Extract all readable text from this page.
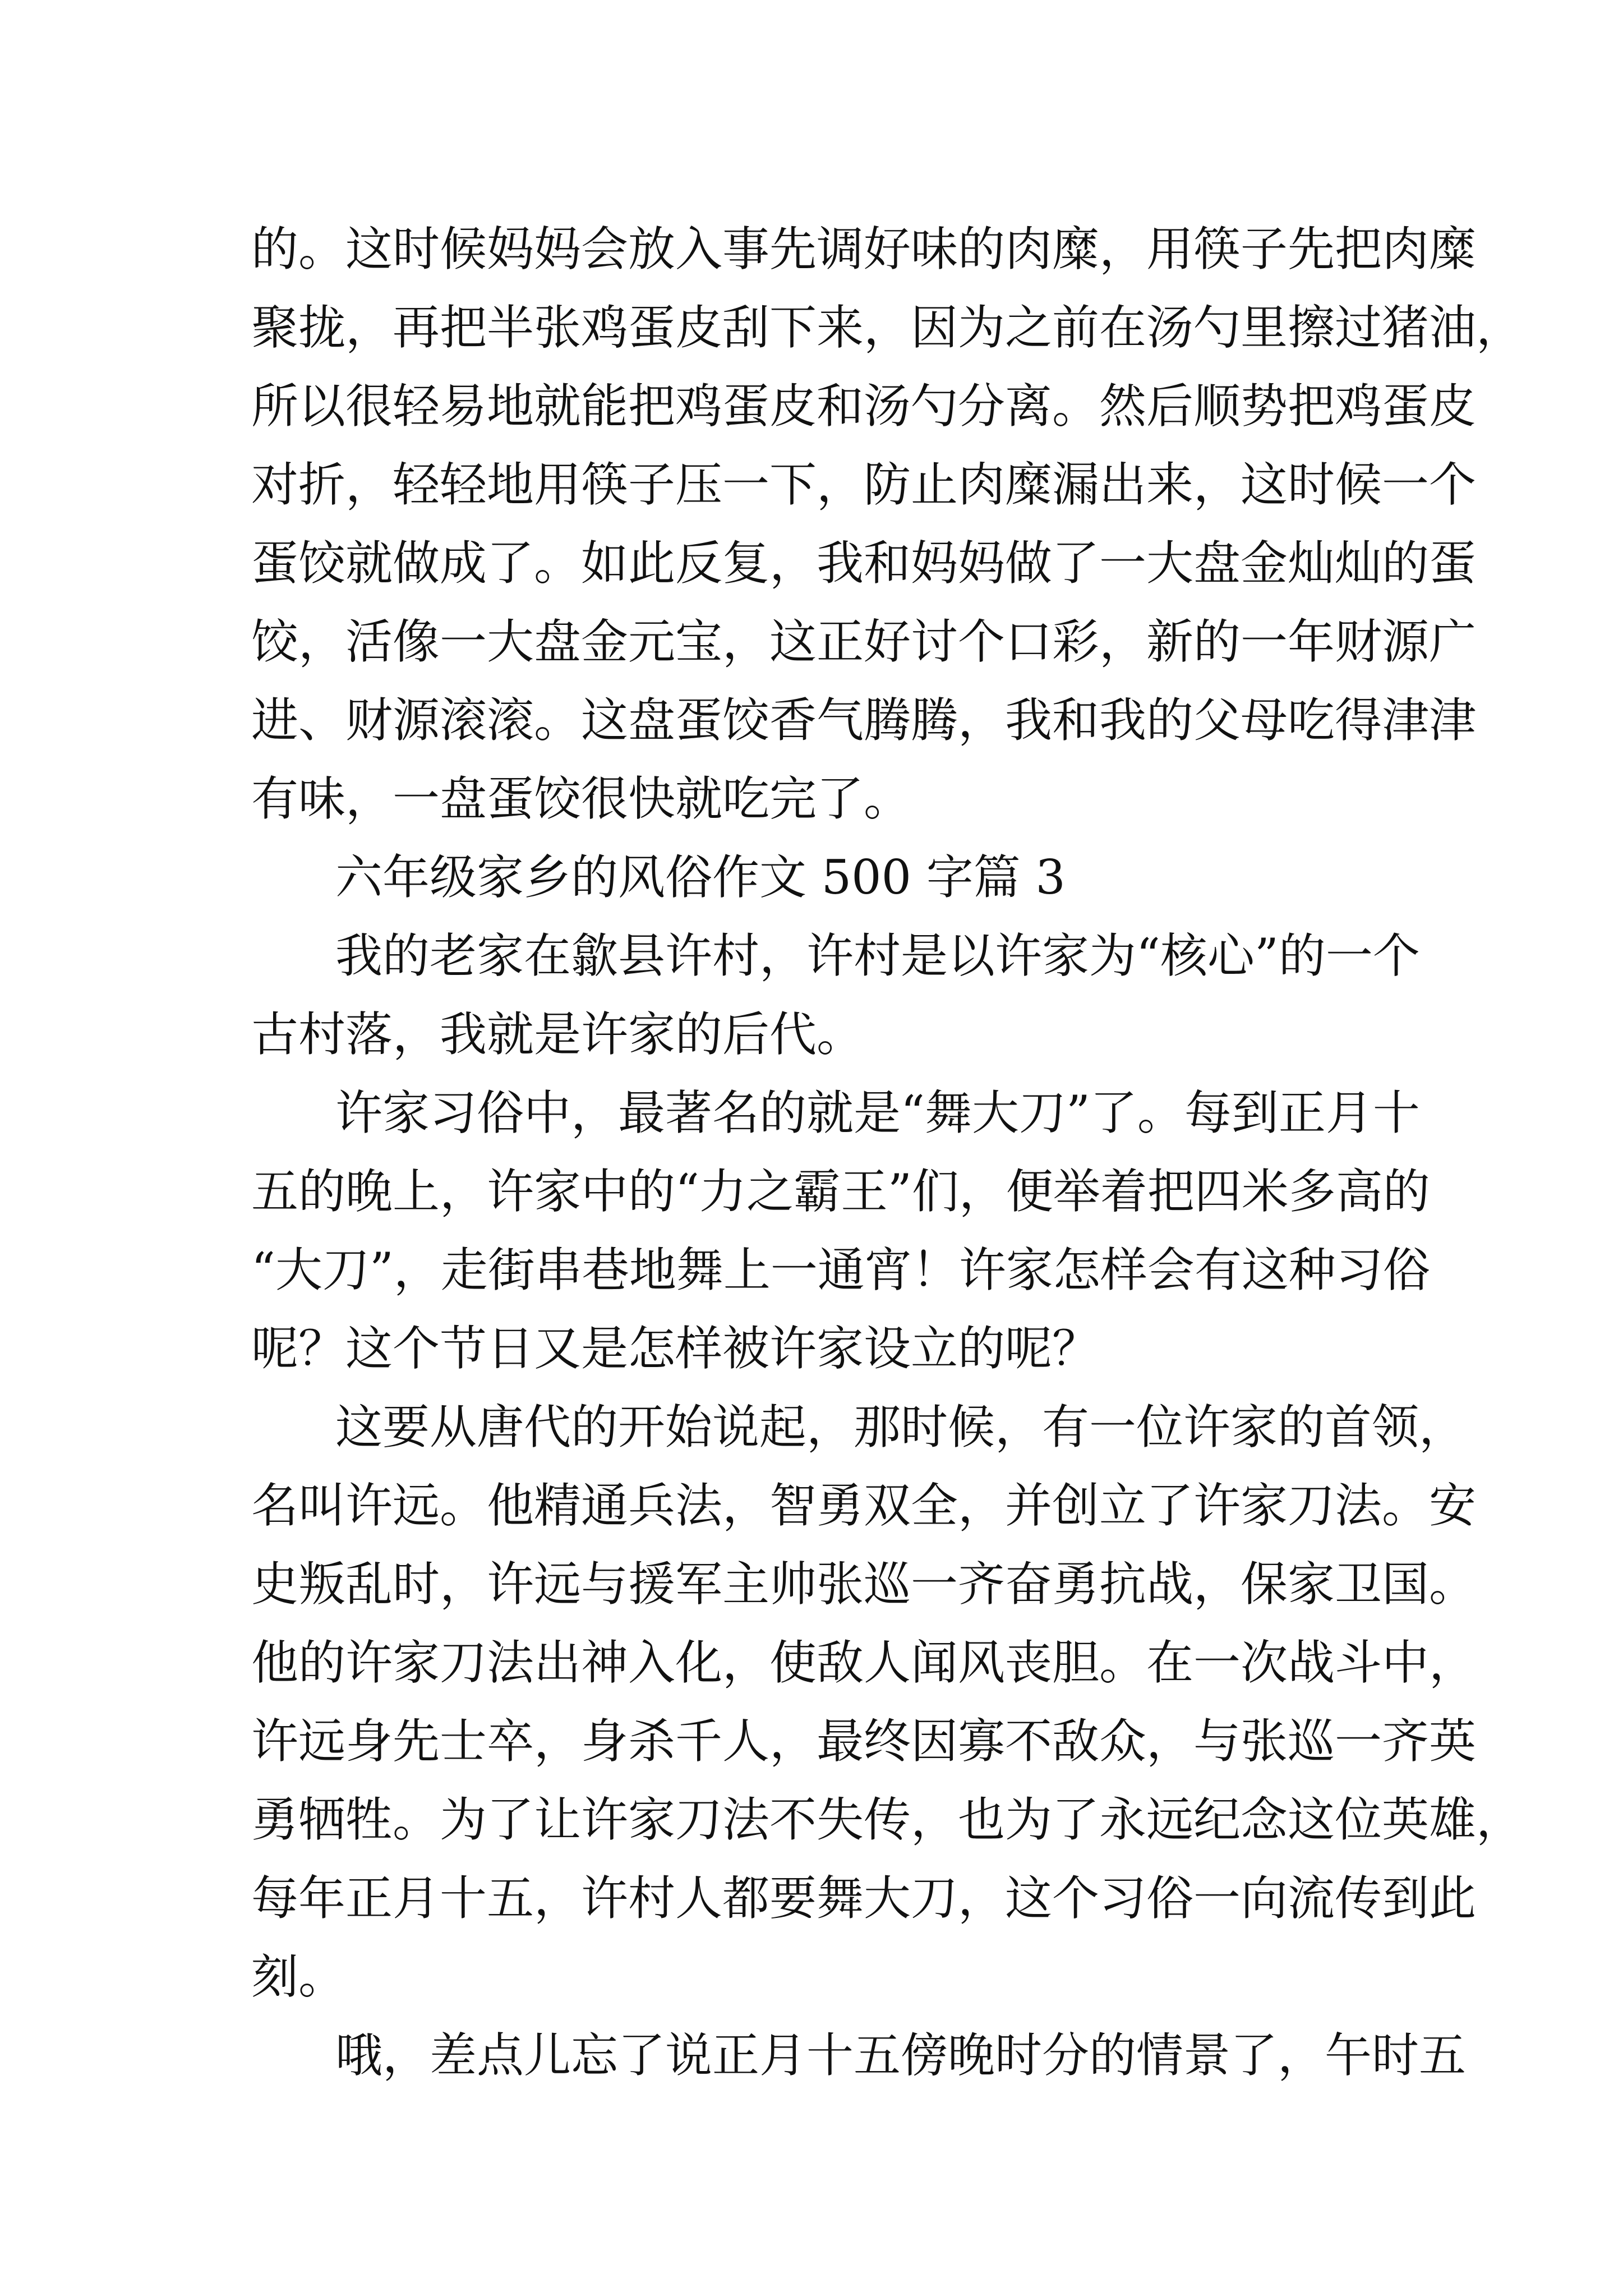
的。这时候妈妈会放入事先调好味的肉糜，用筷子先把肉糜
聚拢，再把半张鸡蛋皮刮下来，因为之前在汤勺里擦过猪油，
所以很轻易地就能把鸡蛋皮和汤勺分离。然后顺势把鸡蛋皮
对折，轻轻地用筷子压一下，防止肉糜漏出来，这时候一个
蛋饺就做成了。如此反复，我和妈妈做了一大盘金灿灿的蛋
饺，活像一大盘金元宝，这正好讨个口彩，新的一年财源广
进、财源滚滚。这盘蛋饺香气腾腾，我和我的父母吃得津津
有味，一盘蛋饺很快就吃完了。
六年级家乡的风俗作文 500 字篇 3
我的老家在歙县许村，许村是以许家为“核心”的一个
古村落，我就是许家的后代。
许家习俗中，最著名的就是“舞大刀”了。每到正月十
五的晚上，许家中的“力之霸王”们，便举着把四米多高的
“大刀”，走街串巷地舞上一通宵！许家怎样会有这种习俗
呢？这个节日又是怎样被许家设立的呢？
这要从唐代的开始说起，那时候，有一位许家的首领，
名叫许远。他精通兵法，智勇双全，并创立了许家刀法。安
史叛乱时，许远与援军主帅张巡一齐奋勇抗战，保家卫国。
他的许家刀法出神入化，使敌人闻风丧胆。在一次战斗中，
许远身先士卒，身杀千人，最终因寡不敌众，与张巡一齐英
勇牺牲。为了让许家刀法不失传，也为了永远纪念这位英雄，
每年正月十五，许村人都要舞大刀，这个习俗一向流传到此
刻。
哦，差点儿忘了说正月十五傍晚时分的情景了，午时五
